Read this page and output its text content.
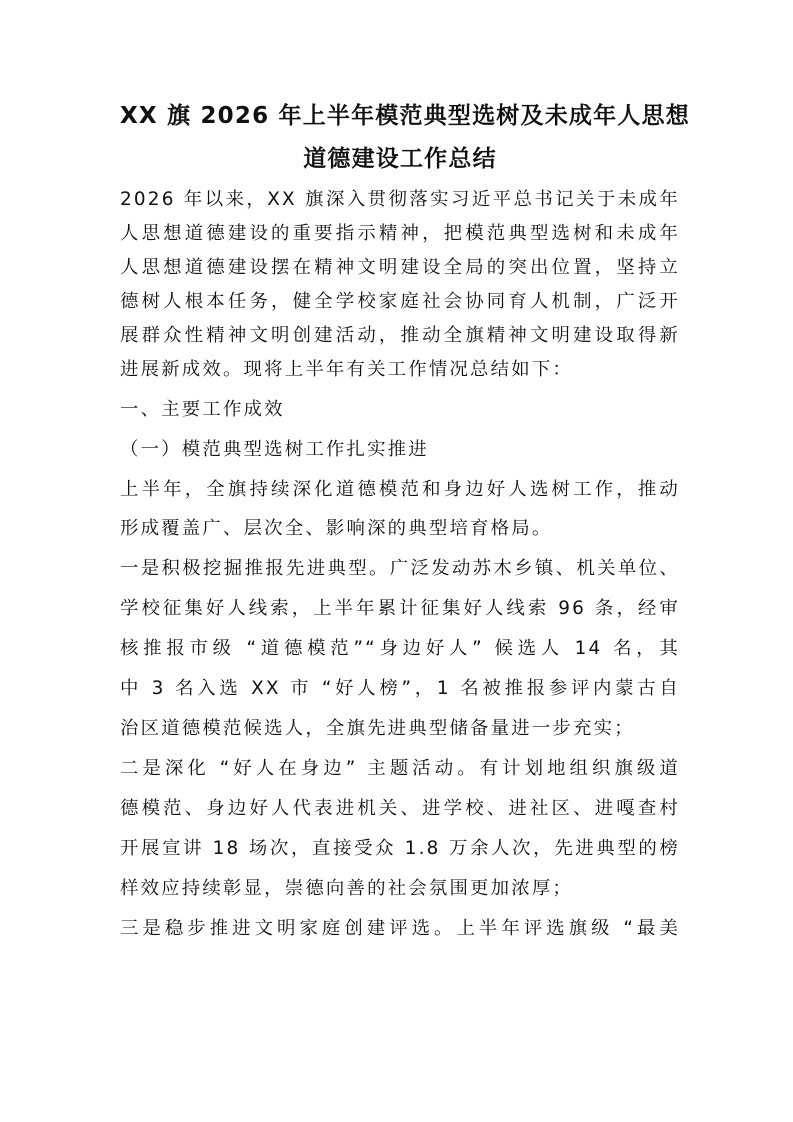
XX 旗 2026 年上半年模范典型选树及未成年人思想
道德建设工作总结
2026 年以来，XX 旗深入贯彻落实习近平总书记关于未成年
人思想道德建设的重要指示精神，把模范典型选树和未成年
人思想道德建设摆在精神文明建设全局的突出位置，坚持立
德树人根本任务，健全学校家庭社会协同育人机制，广泛开
展群众性精神文明创建活动，推动全旗精神文明建设取得新
进展新成效。现将上半年有关工作情况总结如下：
一、主要工作成效
（一）模范典型选树工作扎实推进
上半年，全旗持续深化道德模范和身边好人选树工作，推动
形成覆盖广、层次全、影响深的典型培育格局。
一是积极挖掘推报先进典型。广泛发动苏木乡镇、机关单位、
学校征集好人线索，上半年累计征集好人线索 96 条，经审
核推报市级 “道德模范”“身边好人” 候选人 14 名，其
中 3 名入选 XX 市 “好人榜”，1 名被推报参评内蒙古自
治区道德模范候选人，全旗先进典型储备量进一步充实；
二是深化 “好人在身边” 主题活动。有计划地组织旗级道
德模范、身边好人代表进机关、进学校、进社区、进嘎查村
开展宣讲 18 场次，直接受众 1.8 万余人次，先进典型的榜
样效应持续彰显，崇德向善的社会氛围更加浓厚；
三是稳步推进文明家庭创建评选。上半年评选旗级 “最美
